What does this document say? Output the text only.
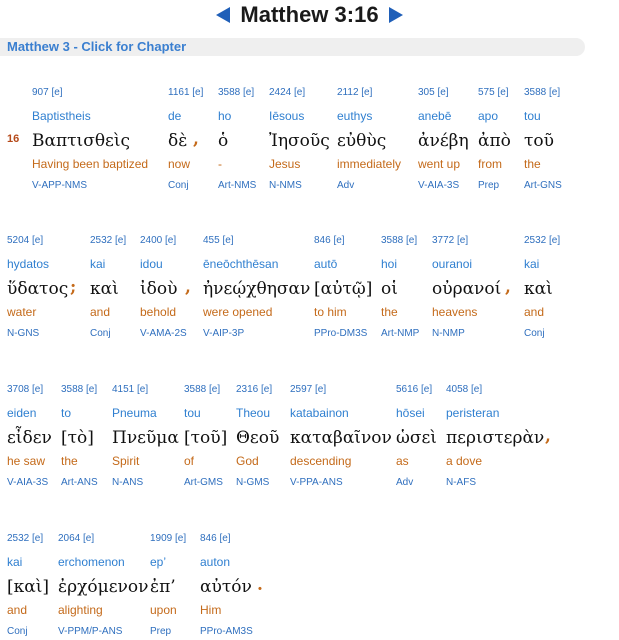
Matthew 3:16
Matthew 3 - Click for Chapter
16
907 [e]
Baptistheis
Βαπτισθεὶς
Having been baptized
V-APP-NMS
1161 [e]
de
δὲ
now
Conj
,
3588 [e]
ho
ὁ
-
Art-NMS
2424 [e]
Iēsous
Ἰησοῦς
Jesus
N-NMS
2112 [e]
euthys
εὐθὺς
immediately
Adv
305 [e]
anebē
ἀνέβη
went up
V-AIA-3S
575 [e]
apo
ἀπὸ
from
Prep
3588 [e]
tou
τοῦ
the
Art-GNS
5204 [e]
hydatos
ὕδατος
water
N-GNS
;
2532 [e]
kai
καὶ
and
Conj
2400 [e]
idou
ἰδοὺ
behold
V-AMA-2S
,
455 [e]
ēneōchthēsan
ἠνεῴχθησαν
were opened
V-AIP-3P
846 [e]
autō
[αὐτῷ]
to him
PPro-DM3S
3588 [e]
hoi
οἱ
the
Art-NMP
3772 [e]
ouranoi
οὐρανοί
heavens
N-NMP
,
2532 [e]
kai
καὶ
and
Conj
3708 [e]
eiden
εἶδεν
he saw
V-AIA-3S
3588 [e]
to
[τὸ]
the
Art-ANS
4151 [e]
Pneuma
Πνεῦμα
Spirit
N-ANS
3588 [e]
tou
[τοῦ]
of
Art-GMS
2316 [e]
Theou
Θεοῦ
God
N-GMS
2597 [e]
katabainon
καταβαῖνον
descending
V-PPA-ANS
5616 [e]
hōsei
ὡσεὶ
as
Adv
4058 [e]
peristeran
περιστερὰν
a dove
N-AFS
,
2532 [e]
kai
[καὶ]
and
Conj
2064 [e]
erchomenon
ἐρχόμενον
alighting
V-PPM/P-ANS
1909 [e]
ep’
ἐπ’
upon
Prep
846 [e]
auton
αὐτόν
Him
PPro-AM3S
.
